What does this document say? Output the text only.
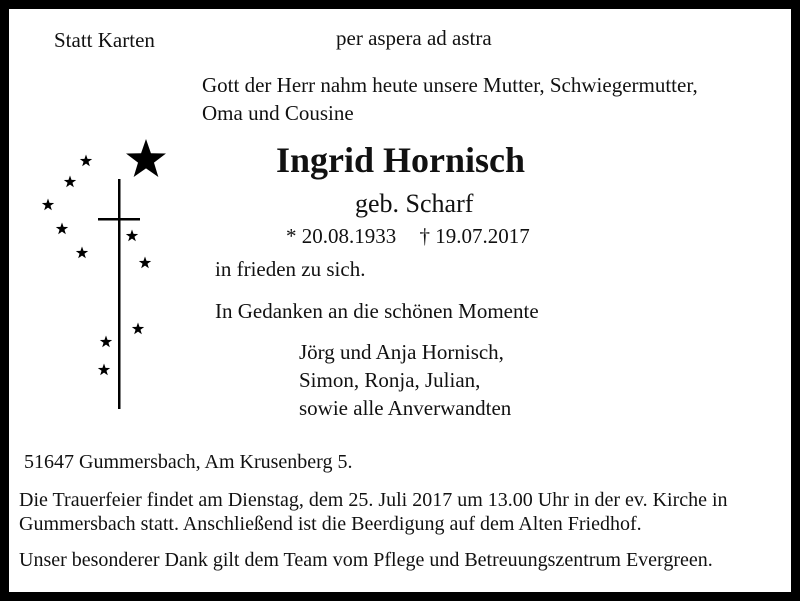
Statt Karten	per aspera ad astra
Gott der Herr nahm heute unsere Mutter, Schwiegermutter,
Oma und Cousine
Ingrid Hornisch
geb. Scharf
* 20.08.1933 † 19.07.2017
in frieden zu sich.
In Gedanken an die schönen Momente
Jörg und Anja Hornisch,
Simon, Ronja, Julian,
sowie alle Anverwandten
51647 Gummersbach, Am Krusenberg 5.
Die Trauerfeier findet am Dienstag, dem 25. Juli 2017 um 13.00 Uhr in der ev. Kirche in
Gummersbach statt. Anschließend ist die Beerdigung auf dem Alten Friedhof.
Unser besonderer Dank gilt dem Team vom Pflege und Betreuungszentrum Evergreen.
